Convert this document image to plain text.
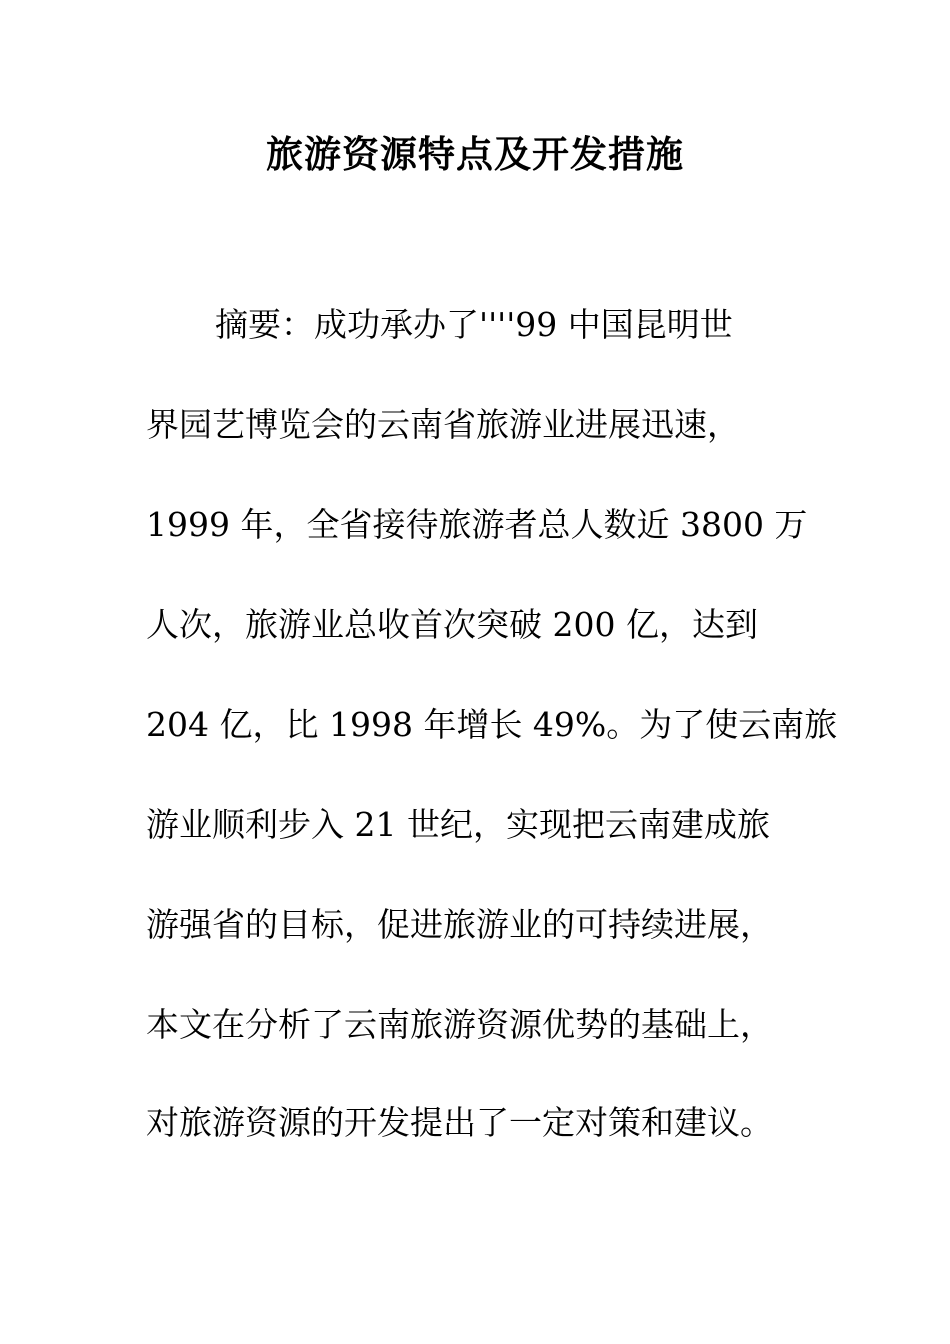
旅游资源特点及开发措施
摘要：成功承办了''''99 中国昆明世
界园艺博览会的云南省旅游业进展迅速，
1999 年，全省接待旅游者总人数近 3800 万
人次，旅游业总收首次突破 200 亿，达到
204 亿，比 1998 年增长 49%。为了使云南旅
游业顺利步入 21 世纪，实现把云南建成旅
游强省的目标，促进旅游业的可持续进展，
本文在分析了云南旅游资源优势的基础上，
对旅游资源的开发提出了一定对策和建议。
